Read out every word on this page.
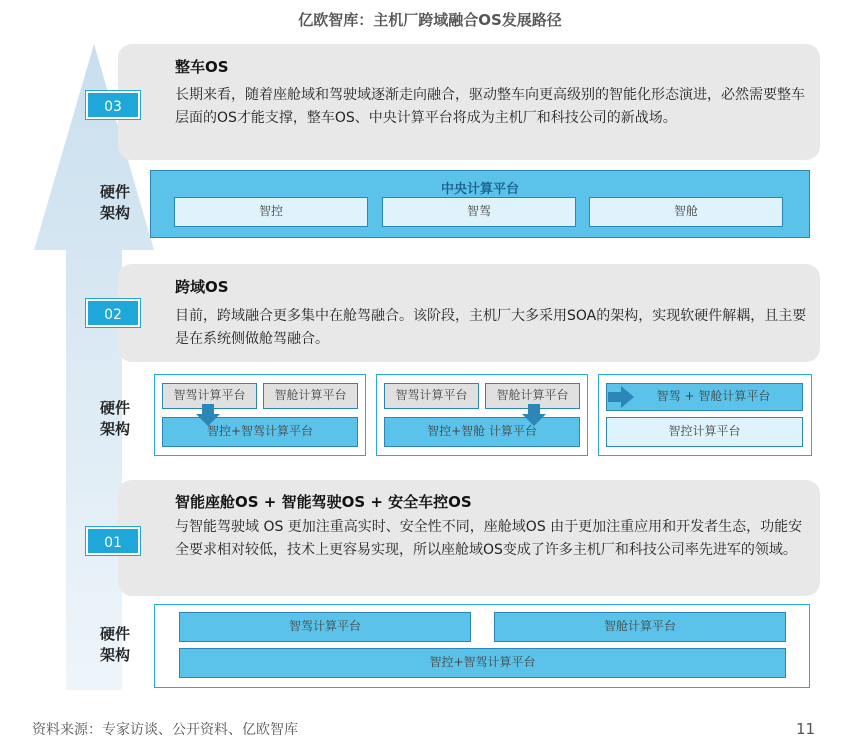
亿欧智库：主机厂跨域融合OS发展路径
03
整车OS
长期来看，随着座舱域和驾驶域逐渐走向融合，驱动整车向更高级别的智能化形态演进，必然需要整车层面的OS才能支撑，整车OS、中央计算平台将成为主机厂和科技公司的新战场。
硬件
架构
中央计算平台
智控	智驾	智舱
02
跨域OS
目前，跨域融合更多集中在舱驾融合。该阶段，主机厂大多采用SOA的架构，实现软硬件解耦，且主要是在系统侧做舱驾融合。
硬件
架构
智驾计算平台	智舱计算平台
智控+智驾计算平台
智驾计算平台	智舱计算平台
智控+智舱 计算平台
智驾 + 智舱计算平台
智控计算平台
01
智能座舱OS + 智能驾驶OS + 安全车控OS
与智能驾驶域 OS 更加注重高实时、安全性不同，座舱域OS 由于更加注重应用和开发者生态，功能安全要求相对较低，技术上更容易实现，所以座舱域OS变成了许多主机厂和科技公司率先进军的领域。
硬件
架构
智驾计算平台	智舱计算平台
智控+智驾计算平台
资料来源：专家访谈、公开资料、亿欧智库	11
